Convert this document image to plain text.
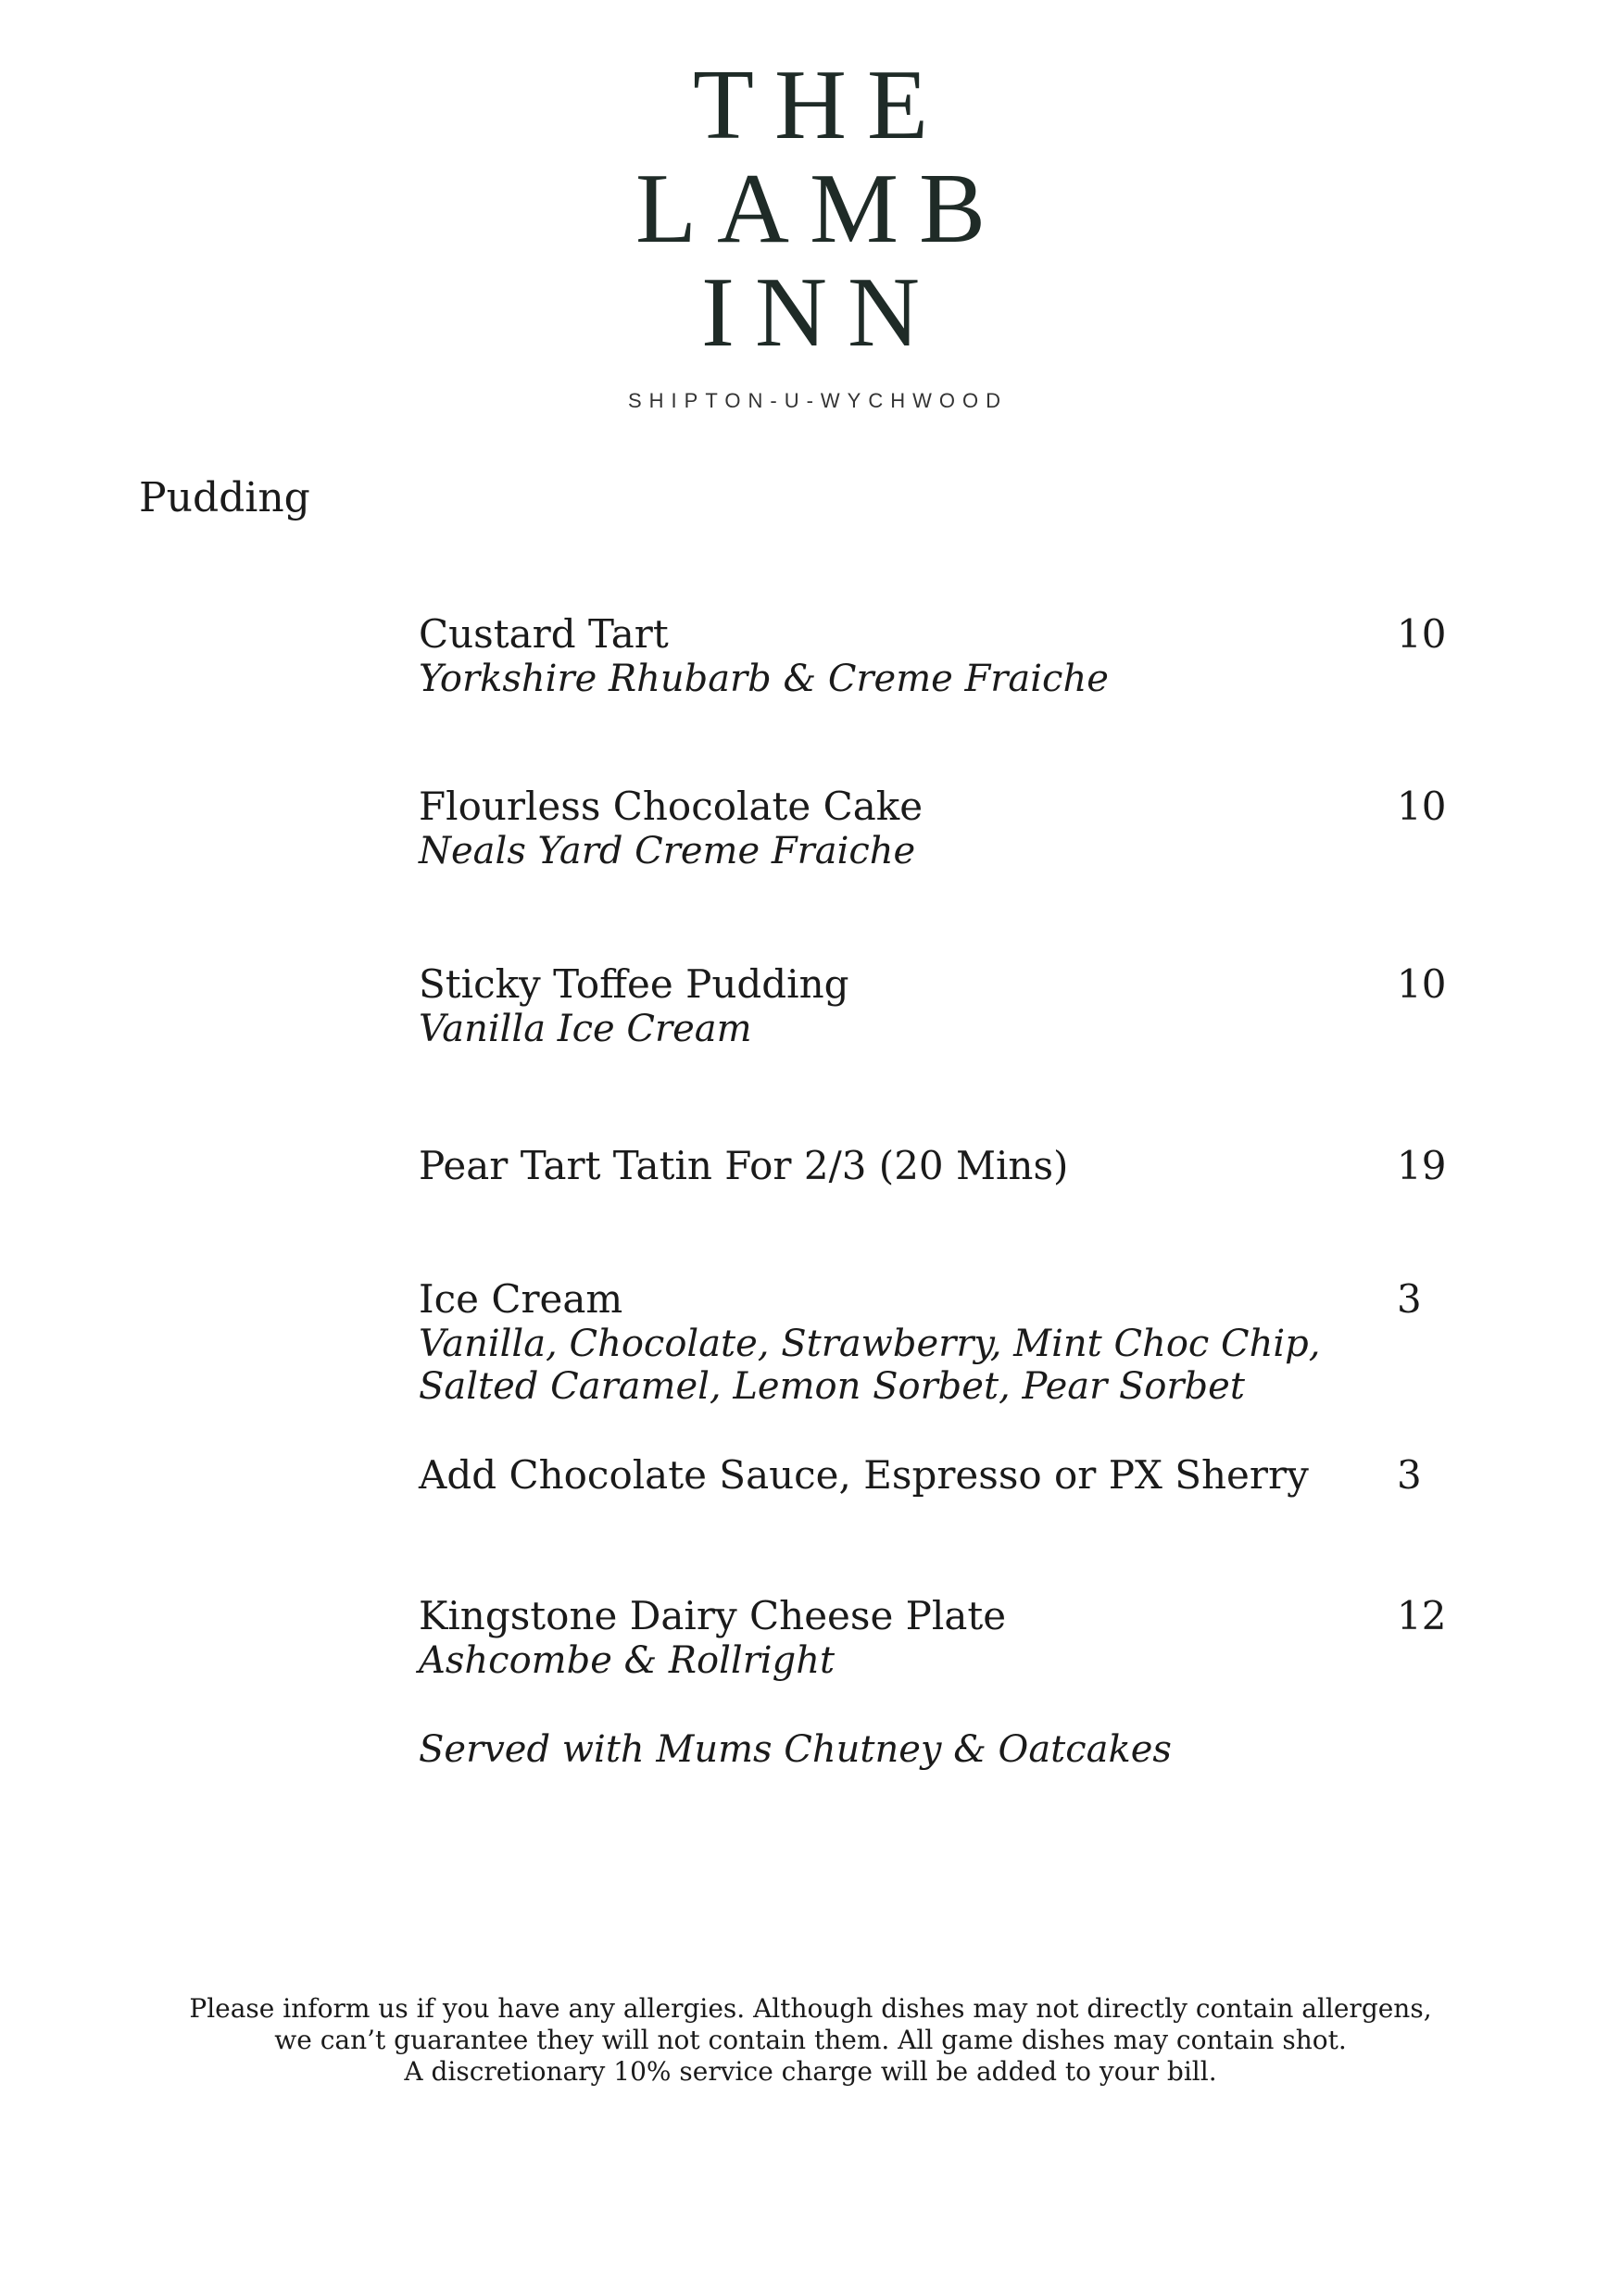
THE
LAMB
INN
SHIPTON-U-WYCHWOOD
Pudding
Custard Tart
Yorkshire Rhubarb & Creme Fraiche
10
Flourless Chocolate Cake
Neals Yard Creme Fraiche
10
Sticky Toffee Pudding
Vanilla Ice Cream
10
Pear Tart Tatin For 2/3 (20 Mins)	19
Ice Cream
Vanilla, Chocolate, Strawberry, Mint Choc Chip,
Salted Caramel, Lemon Sorbet, Pear Sorbet
3
Add Chocolate Sauce, Espresso or PX Sherry	3
Kingstone Dairy Cheese Plate
Ashcombe & Rollright
12
Served with Mums Chutney & Oatcakes
Please inform us if you have any allergies. Although dishes may not directly contain allergens,
we can’t guarantee they will not contain them. All game dishes may contain shot.
A discretionary 10% service charge will be added to your bill.
